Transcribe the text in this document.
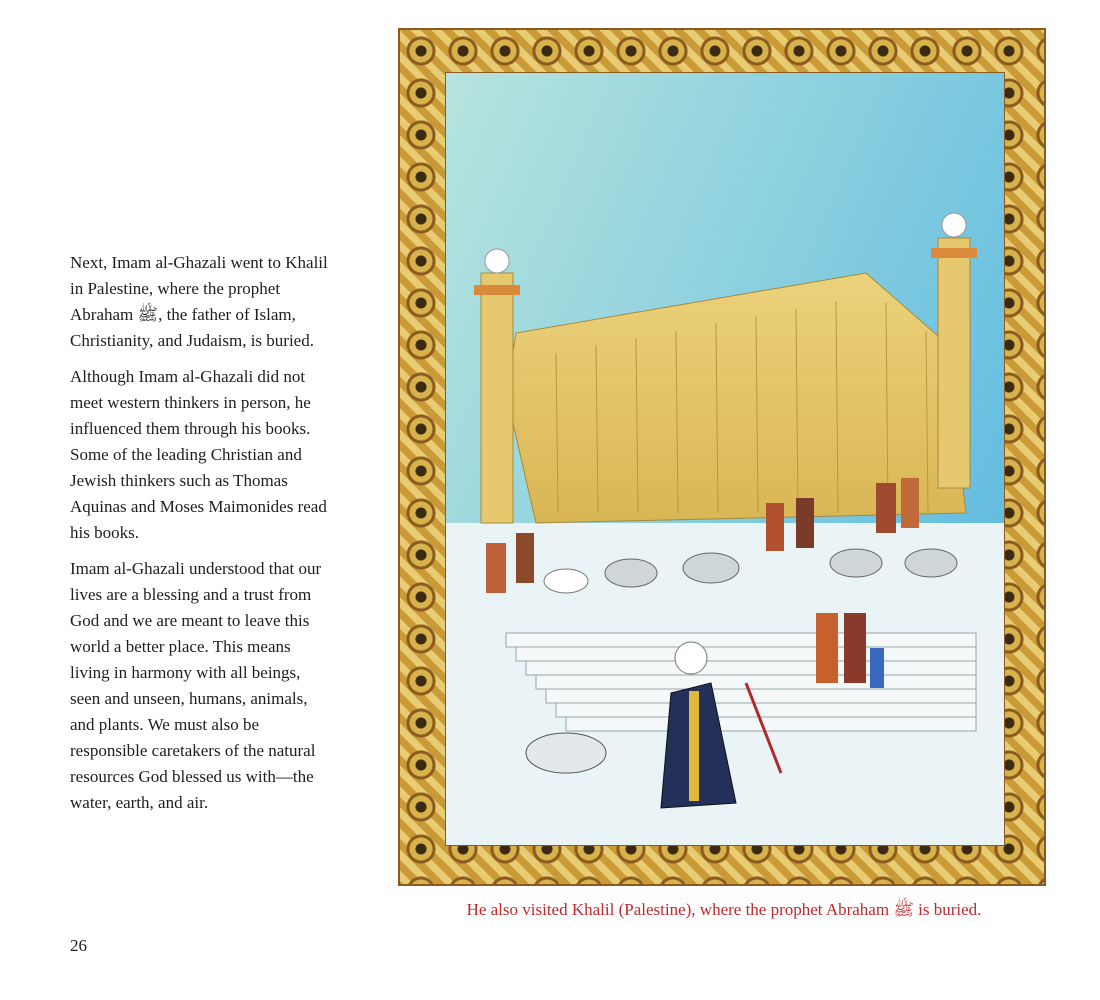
Next, Imam al-Ghazali went to Khalil in Palestine, where the prophet Abraham ﷺ, the father of Islam, Christianity, and Judaism, is buried.

Although Imam al-Ghazali did not meet western thinkers in person, he influenced them through his books. Some of the leading Christian and Jewish thinkers such as Thomas Aquinas and Moses Maimonides read his books.

Imam al-Ghazali understood that our lives are a blessing and a trust from God and we are meant to leave this world a better place. This means living in harmony with all beings, seen and unseen, humans, animals, and plants. We must also be responsible caretakers of the natural resources God blessed us with—the water, earth, and air.

He also visited Khalil (Palestine), where the prophet Abraham ﷺ is buried.
26
